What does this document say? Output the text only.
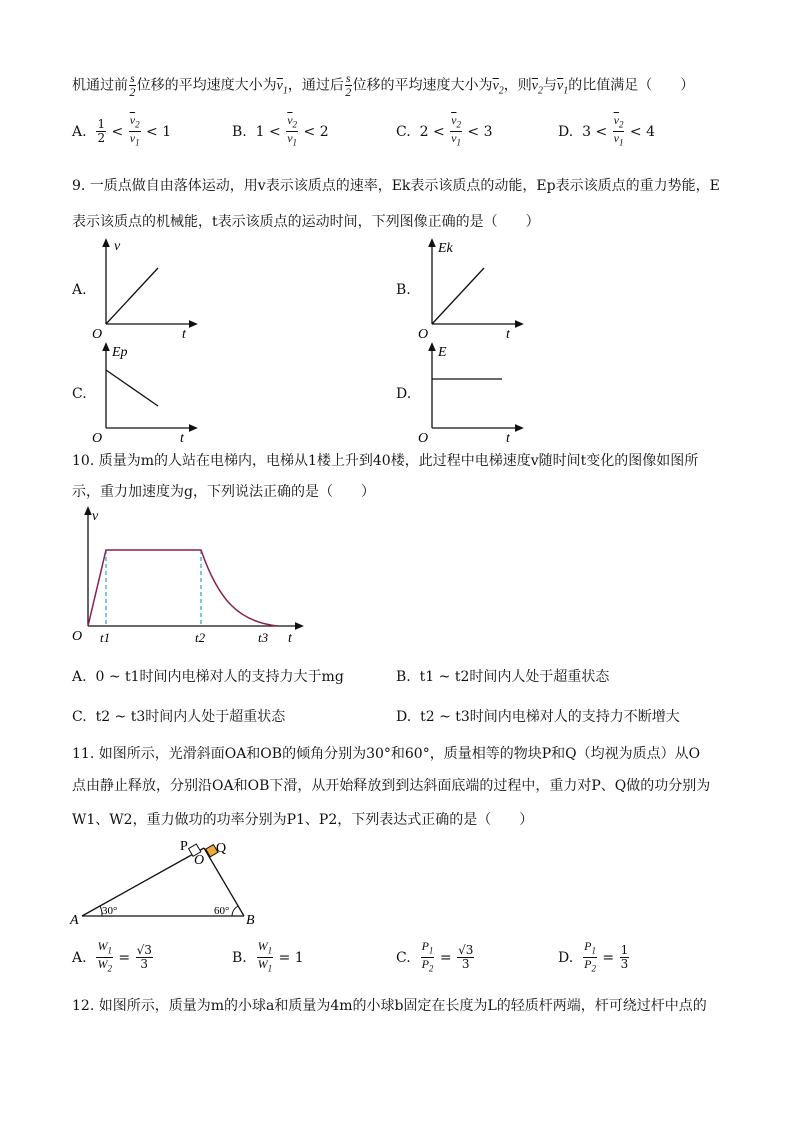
机通过前 $\frac{s}{2}$ 位移的平均速度大小为$\overline{v}_1$，通过后 $\frac{s}{2}$ 位移的平均速度大小为$\overline{v}_2$，则$\overline{v}_2$与$\overline{v}_1$的比值满足（　　）
A. $\frac{1}{2} < \frac{\overline{v}_2}{v_1} < 1$	B. $1 < \frac{\overline{v}_2}{v_1} < 2$	C. $2 < \frac{\overline{v}_2}{v_1} < 3$	D. $3 < \frac{\overline{v}_2}{v_1} < 4$
9. 一质点做自由落体运动，用v表示该质点的速率，Ek表示该质点的动能，Ep表示该质点的重力势能，E
表示该质点的机械能，t表示该质点的运动时间，下列图像正确的是（　　）
A.	B.
C.	D.
v
t
O
Ek
t
O
Ep
t
O
E
t
O
10. 质量为m的人站在电梯内，电梯从1楼上升到40楼，此过程中电梯速度v随时间t变化的图像如图所
示，重力加速度为g，下列说法正确的是（　　）
v
t
O t1	t2	t3
A. 0 ~ t1时间内电梯对人的支持力大于mg	B. t1 ~ t2时间内人处于超重状态
C. t2 ~ t3时间内人处于超重状态	D. t2 ~ t3时间内电梯对人的支持力不断增大
11. 如图所示，光滑斜面OA和OB的倾角分别为30°和60°，质量相等的物块P和Q（均视为质点）从O
点由静止释放，分别沿OA和OB下滑，从开始释放到到达斜面底端的过程中，重力对P、Q做的功分别为
W1、W2，重力做功的功率分别为P1、P2，下列表达式正确的是（　　）
P Q
O
A	B
30°	60°
A. $\frac{W_1}{W_2} = \frac{√3}{3}$	B. $\frac{W_1}{W_1} = 1$	C. $\frac{P_1}{P_2} = \frac{√3}{3}$	D. $\frac{P_1}{P_2} = \frac{1}{3}$
12. 如图所示，质量为m的小球a和质量为4m的小球b固定在长度为L的轻质杆两端，杆可绕过杆中点的
